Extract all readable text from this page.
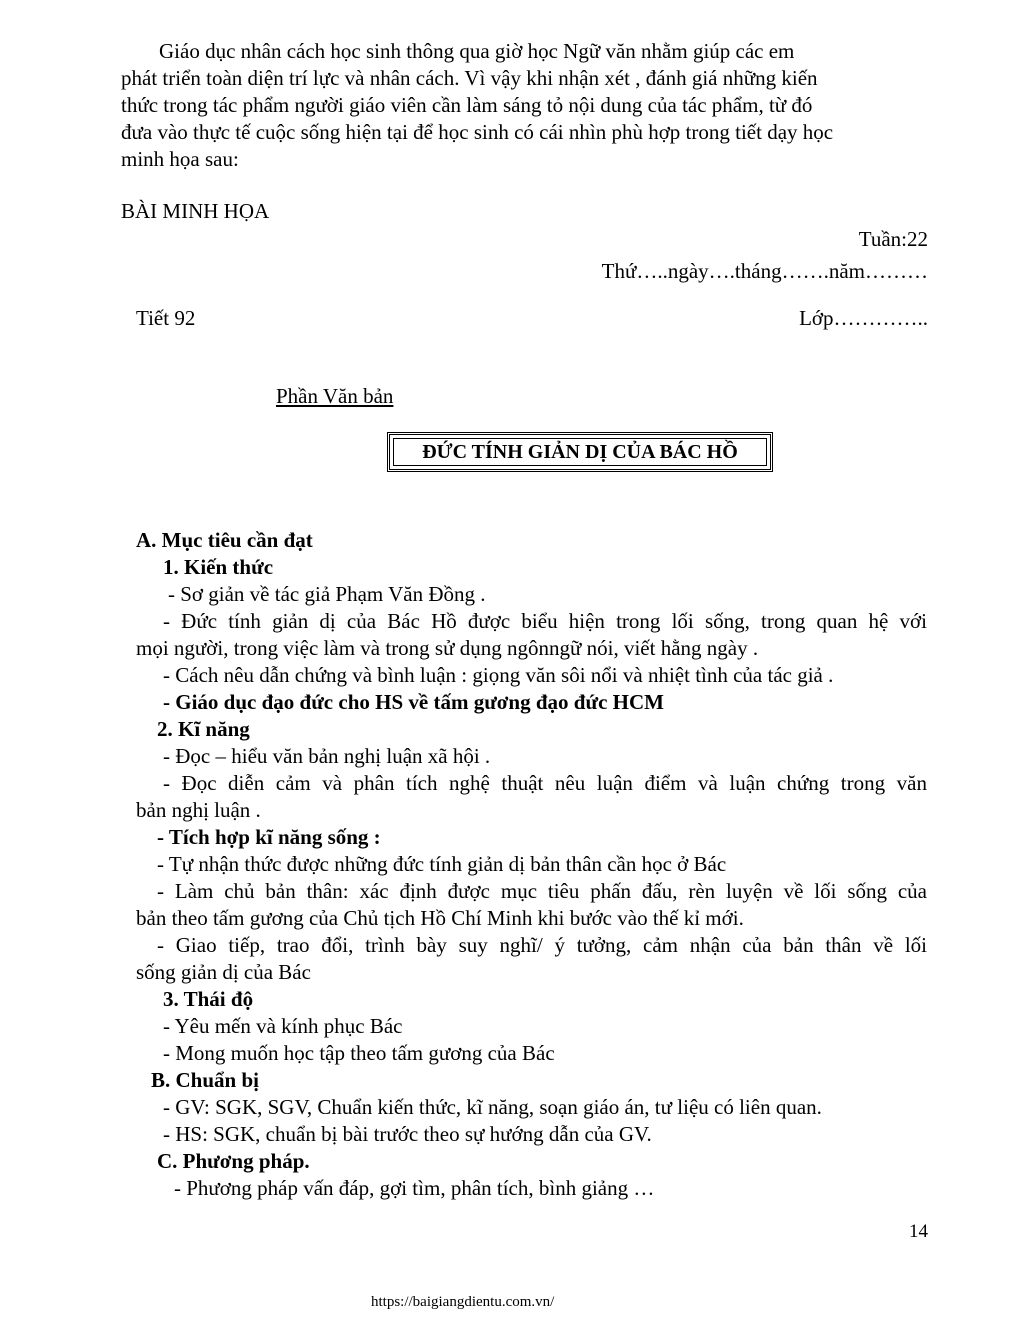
Giáo dục nhân cách học sinh thông qua giờ học Ngữ văn nhằm giúp các em
phát triển toàn diện trí lực và nhân cách. Vì vậy khi nhận xét , đánh giá những kiến
thức trong tác phẩm người giáo viên cần làm sáng tỏ nội dung của tác phẩm, từ đó
đưa vào thực tế cuộc sống hiện tại để học sinh có cái nhìn phù hợp trong tiết dạy học
minh họa sau:
BÀI MINH HỌA
Tuần:22
Thứ…..ngày….tháng…….năm………
Tiết 92	Lớp…………..
Phần Văn bản
ĐỨC TÍNH GIẢN DỊ CỦA BÁC HỒ
A. Mục tiêu cần đạt
1. Kiến thức
- Sơ giản về tác giả Phạm Văn Đồng .
- Đức tính giản dị của Bác Hồ được biểu hiện trong lối sống, trong quan hệ với
mọi người, trong việc làm và trong sử dụng ngônngữ nói, viết hằng ngày .
- Cách nêu dẫn chứng và bình luận : giọng văn sôi nổi và nhiệt tình của tác giả .
- Giáo dục đạo đức cho HS về tấm gương đạo đức HCM
2. Kĩ năng
- Đọc – hiểu văn bản nghị luận xã hội .
- Đọc diễn cảm và phân tích nghệ thuật nêu luận điểm và luận chứng trong văn
bản nghị luận .
- Tích hợp kĩ năng sống :
- Tự nhận thức được những đức tính giản dị bản thân cần học ở Bác
- Làm chủ bản thân: xác định được mục tiêu phấn đấu, rèn luyện về lối sống của
bản theo tấm gương của Chủ tịch Hồ Chí Minh khi bước vào thế kỉ mới.
- Giao tiếp, trao đổi, trình bày suy nghĩ/ ý tưởng, cảm nhận của bản thân về lối
sống giản dị của Bác
3. Thái độ
- Yêu mến và kính phục Bác
- Mong muốn học tập theo tấm gương của Bác
B. Chuẩn bị
- GV: SGK, SGV, Chuẩn kiến thức, kĩ năng, soạn giáo án, tư liệu có liên quan.
- HS: SGK, chuẩn bị bài trước theo sự hướng dẫn của GV.
C. Phương pháp.
- Phương pháp vấn đáp, gợi tìm, phân tích, bình giảng …
14
https://baigiangdientu.com.vn/
